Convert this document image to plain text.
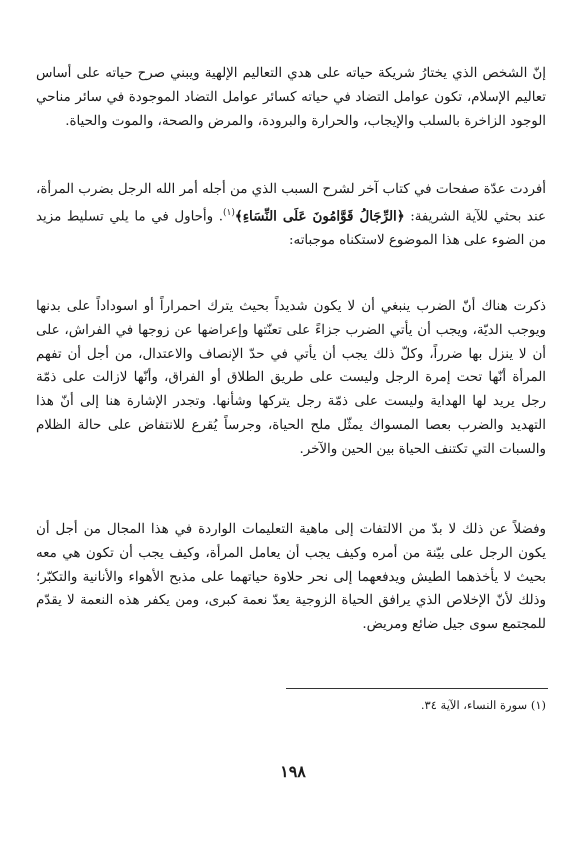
إنّ الشخص الذي يختارُ شريكة حياته على هدي التعاليم الإلهية ويبني صرح حياته على أساس تعاليم الإسلام، تكون عوامل التضاد في حياته كسائر عوامل التضاد الموجودة في سائر مناحي الوجود الزاخرة بالسلب والإيجاب، والحرارة والبرودة، والمرض والصحة، والموت والحياة.

أفردت عدّة صفحات في كتاب آخر لشرح السبب الذي من أجله أمر الله الرجل بضرب المرأة، عند بحثي للآية الشريفة: ﴿الرِّجَالُ قَوَّامُونَ عَلَى النِّسَاءِ﴾$^{(١)}$. وأحاول في ما يلي تسليط مزيد من الضوء على هذا الموضوع لاستكناه موجباته:

ذكرت هناك أنّ الضرب ينبغي أن لا يكون شديداً بحيث يترك احمراراً أو اسوداداً على بدنها ويوجب الديّة، ويجب أن يأتي الضرب جزاءً على تعنّتها وإعراضها عن زوجها في الفراش، على أن لا ينزل بها ضرراً، وكلّ ذلك يجب أن يأتي في حدّ الإنصاف والاعتدال، من أجل أن تفهم المرأة أنّها تحت إمرة الرجل وليست على طريق الطلاق أو الفراق، وأنّها لازالت على ذمّة رجل يريد لها الهداية وليست على ذمّة رجل يتركها وشأنها. وتجدر الإشارة هنا إلى أنّ هذا التهديد والضرب بعصا المسواك يمثّل ملح الحياة، وجرساً يُقرع للانتفاض على حالة الظلام والسبات التي تكتنف الحياة بين الحين والآخر.

وفضلاً عن ذلك لا بدّ من الالتفات إلى ماهية التعليمات الواردة في هذا المجال من أجل أن يكون الرجل على بيّنة من أمره وكيف يجب أن يعامل المرأة، وكيف يجب أن تكون هي معه بحيث لا يأخذهما الطيش ويدفعهما إلى نحر حلاوة حياتهما على مذبح الأهواء والأنانية والتكبّر؛ وذلك لأنّ الإخلاص الذي يرافق الحياة الزوجية يعدّ نعمة كبرى، ومن يكفر هذه النعمة لا يقدّم للمجتمع سوى جيل ضائع ومريض.

(١) سورة النساء، الآية ٣٤.
١٩٨
